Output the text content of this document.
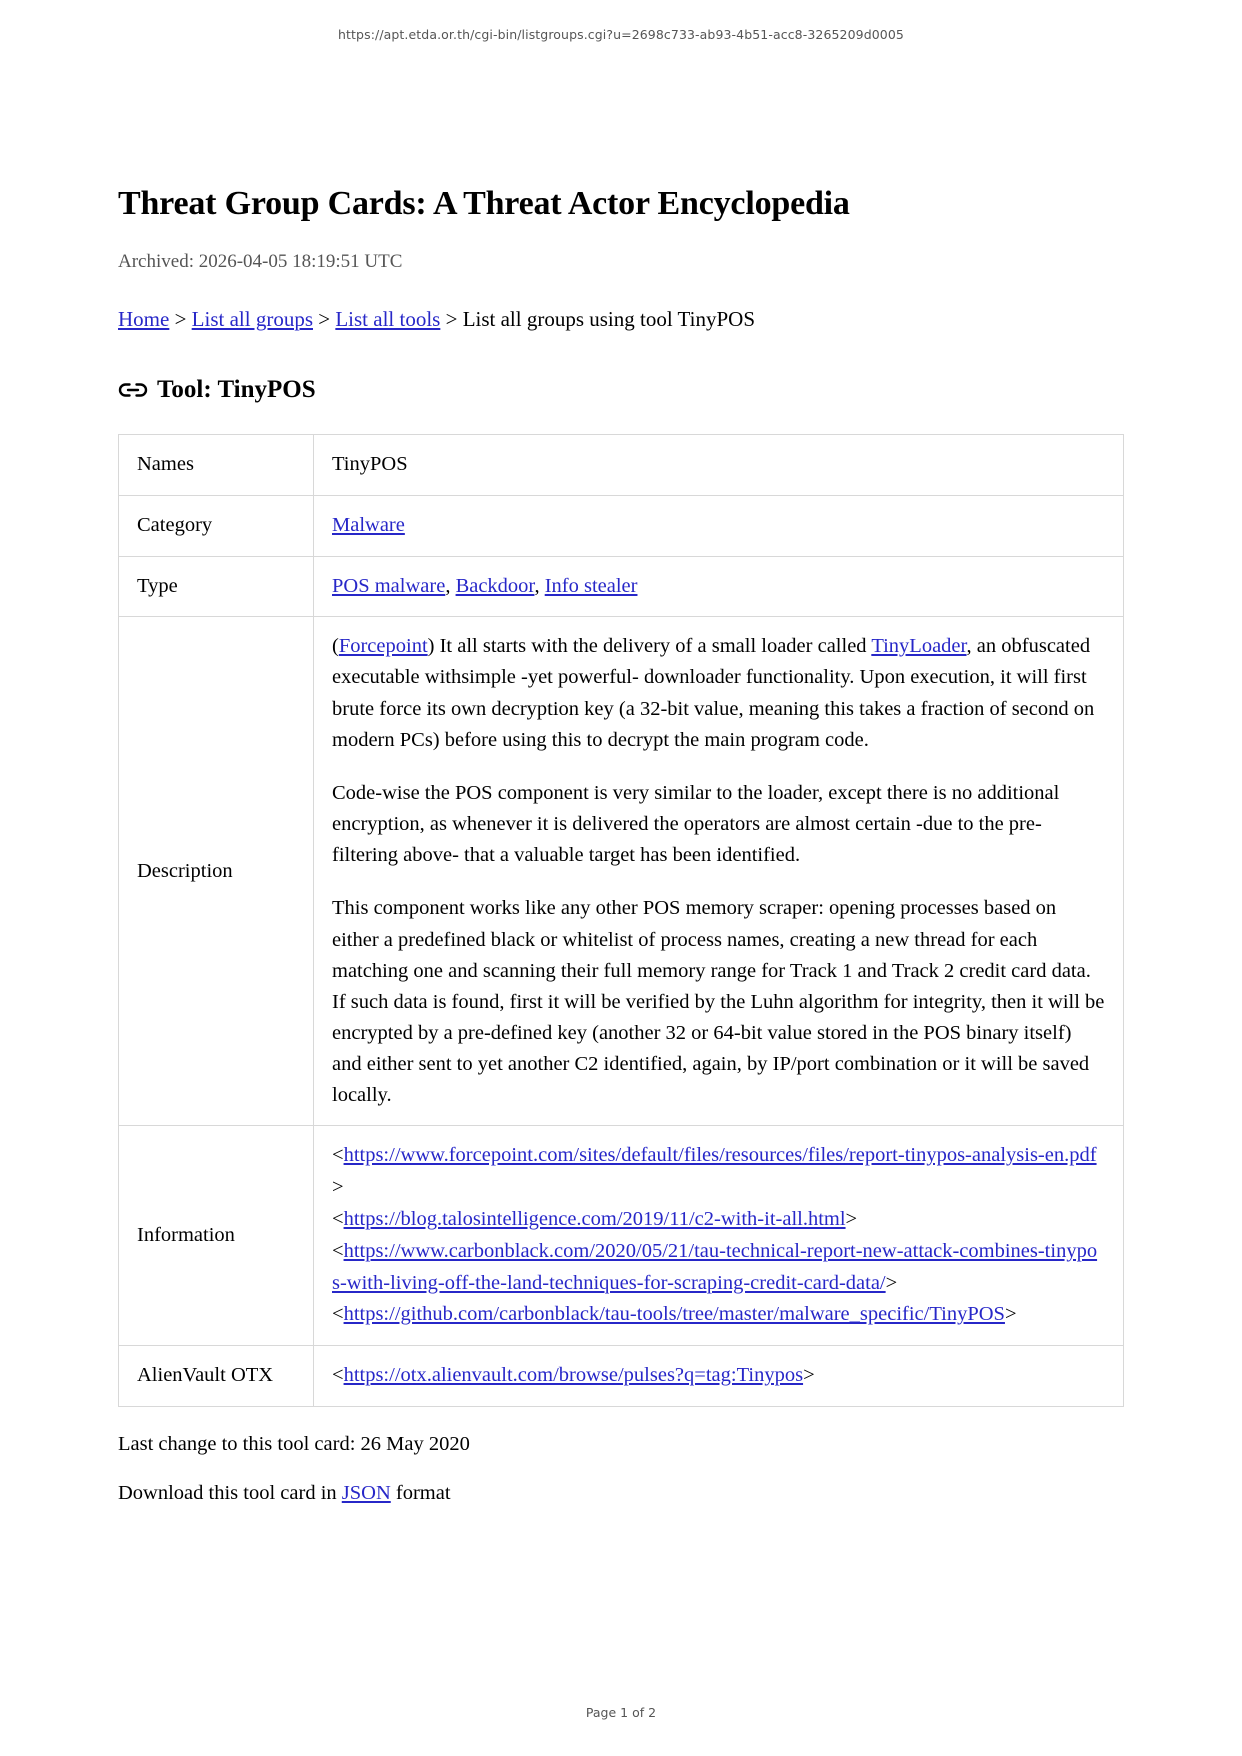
https://apt.etda.or.th/cgi-bin/listgroups.cgi?u=2698c733-ab93-4b51-acc8-3265209d0005
Threat Group Cards: A Threat Actor Encyclopedia
Archived: 2026-04-05 18:19:51 UTC
Home > List all groups > List all tools > List all groups using tool TinyPOS
Tool: TinyPOS
Names	TinyPOS
Category	Malware
Type	POS malware, Backdoor, Info stealer
Description	(Forcepoint) It all starts with the delivery of a small loader called TinyLoader, an obfuscated executable withsimple -yet powerful- downloader functionality. Upon execution, it will first brute force its own decryption key (a 32-bit value, meaning this takes a fraction of second on modern PCs) before using this to decrypt the main program code.

Code-wise the POS component is very similar to the loader, except there is no additional encryption, as whenever it is delivered the operators are almost certain -due to the pre-filtering above- that a valuable target has been identified.

This component works like any other POS memory scraper: opening processes based on either a predefined black or whitelist of process names, creating a new thread for each matching one and scanning their full memory range for Track 1 and Track 2 credit card data. If such data is found, first it will be verified by the Luhn algorithm for integrity, then it will be encrypted by a pre-defined key (another 32 or 64-bit value stored in the POS binary itself) and either sent to yet another C2 identified, again, by IP/port combination or it will be saved locally.

Information	<https://www.forcepoint.com/sites/default/files/resources/files/report-tinypos-analysis-en.pdf>
<https://blog.talosintelligence.com/2019/11/c2-with-it-all.html>
<https://www.carbonblack.com/2020/05/21/tau-technical-report-new-attack-combines-tinypos-with-living-off-the-land-techniques-for-scraping-credit-card-data/>
<https://github.com/carbonblack/tau-tools/tree/master/malware_specific/TinyPOS>

AlienVault OTX	<https://otx.alienvault.com/browse/pulses?q=tag:Tinypos>
Last change to this tool card: 26 May 2020
Download this tool card in JSON format
Page 1 of 2
